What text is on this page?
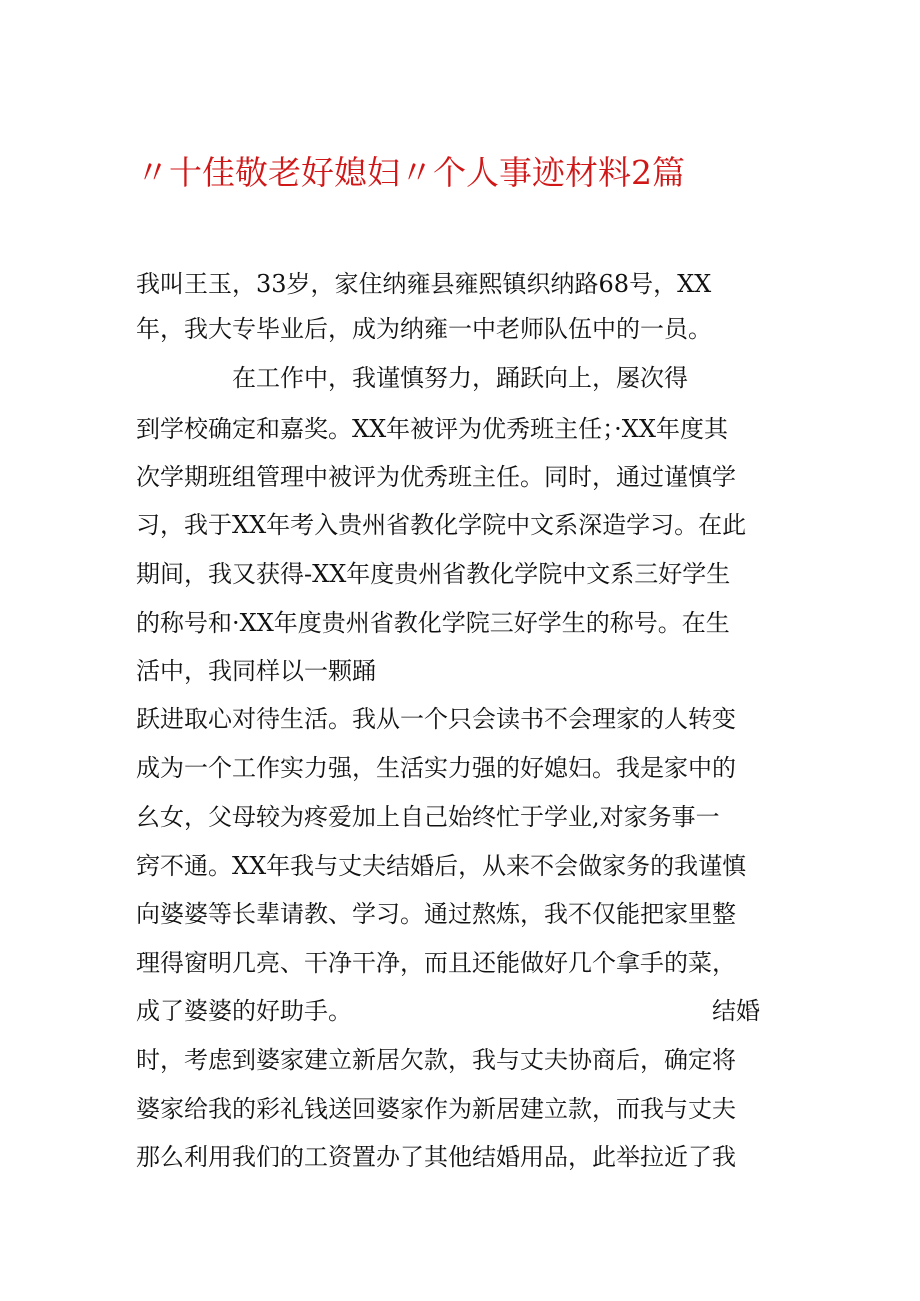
〃十佳敬老好媳妇〃个人事迹材料2篇

我叫王玉，33岁，家住纳雍县雍熙镇织纳路68号，XX

年，我大专毕业后，成为纳雍一中老师队伍中的一员。

在工作中，我谨慎努力，踊跃向上，屡次得

到学校确定和嘉奖。XX年被评为优秀班主任；·XX年度其

次学期班组管理中被评为优秀班主任。同时，通过谨慎学

习，我于XX年考入贵州省教化学院中文系深造学习。在此

期间，我又获得-XX年度贵州省教化学院中文系三好学生

的称号和·XX年度贵州省教化学院三好学生的称号。在生

活中，我同样以一颗踊

跃进取心对待生活。我从一个只会读书不会理家的人转变

成为一个工作实力强，生活实力强的好媳妇。我是家中的

幺女，父母较为疼爱加上自己始终忙于学业,对家务事一

窍不通。XX年我与丈夫结婚后，从来不会做家务的我谨慎

向婆婆等长辈请教、学习。通过熬炼，我不仅能把家里整

理得窗明几亮、干净干净，而且还能做好几个拿手的菜，

成了婆婆的好助手。	结婚

时，考虑到婆家建立新居欠款，我与丈夫协商后，确定将

婆家给我的彩礼钱送回婆家作为新居建立款，而我与丈夫

那么利用我们的工资置办了其他结婚用品，此举拉近了我
